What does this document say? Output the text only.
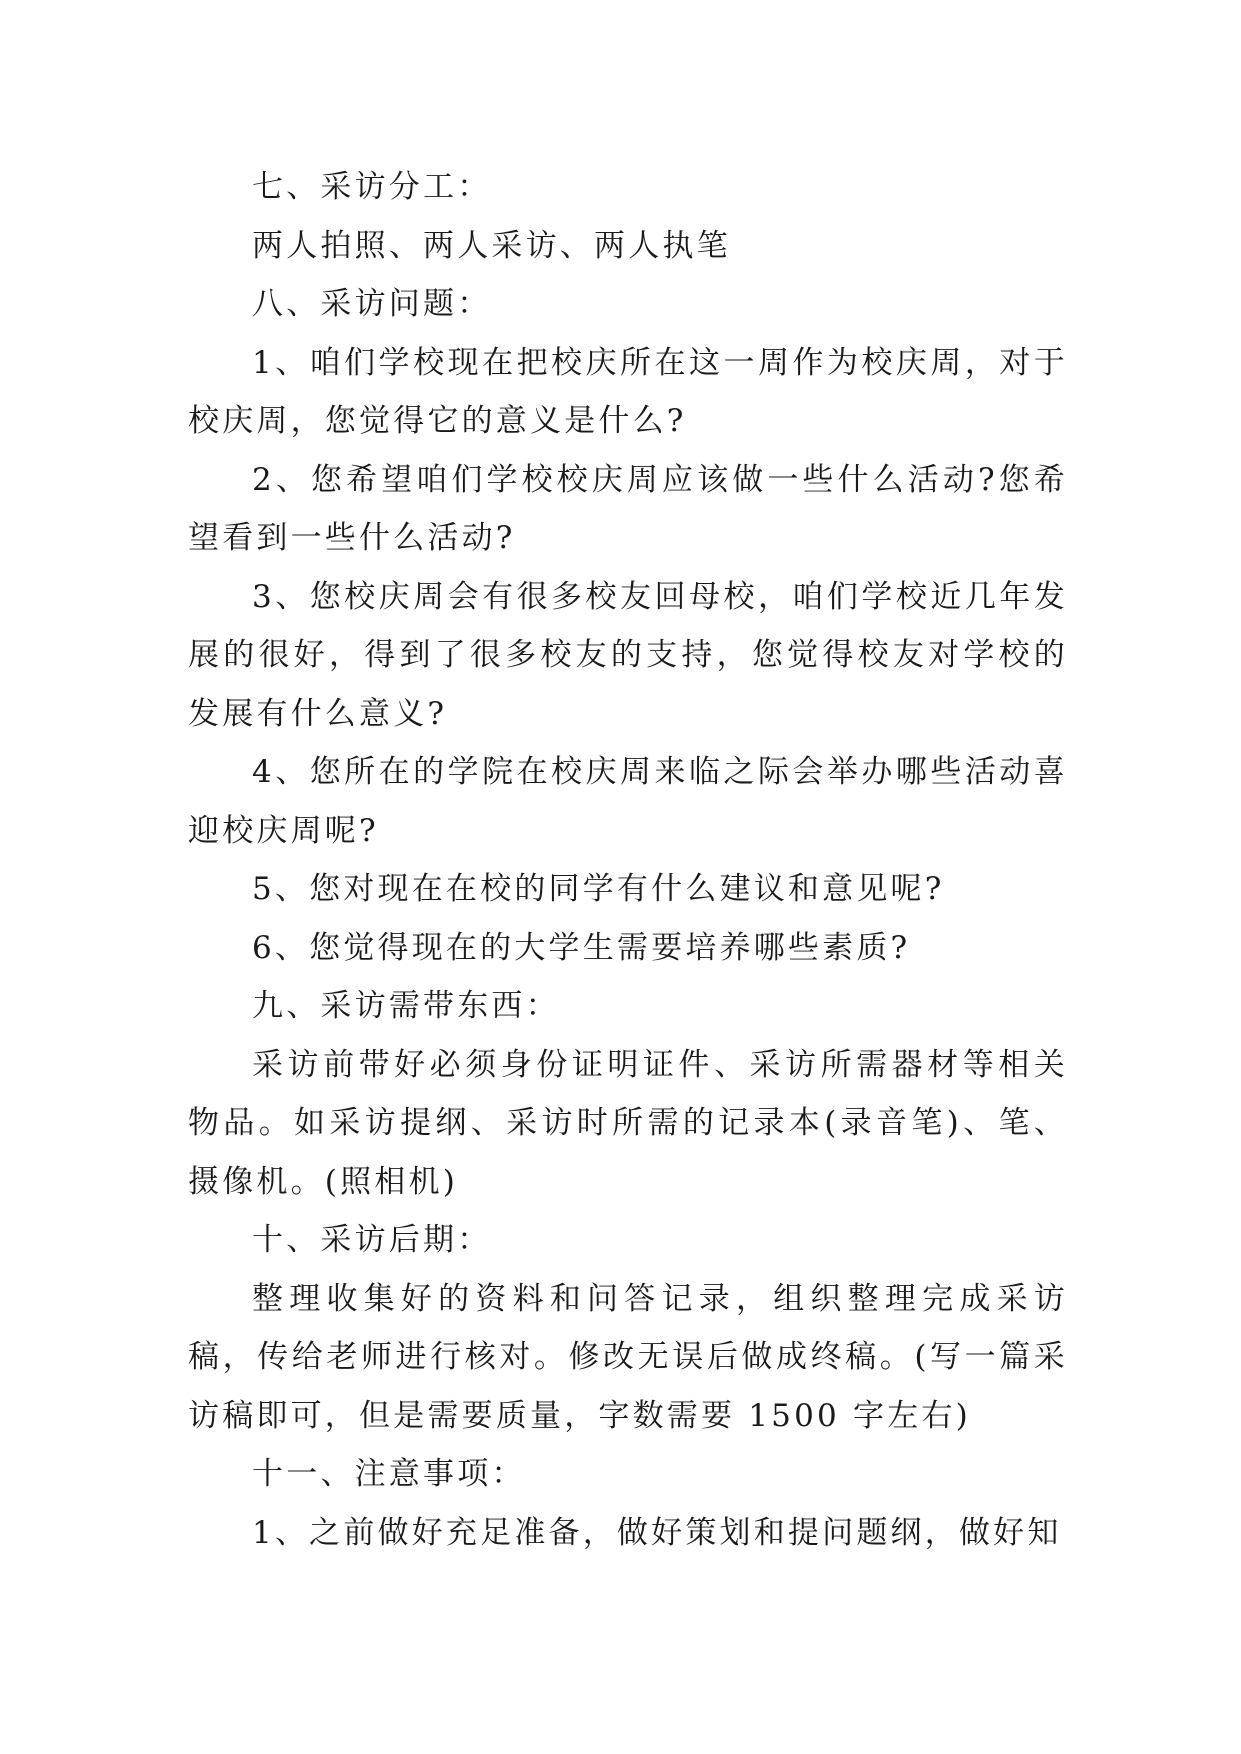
七、采访分工：

两人拍照、两人采访、两人执笔

八、采访问题：

1、咱们学校现在把校庆所在这一周作为校庆周，对于校庆周，您觉得它的意义是什么?

2、您希望咱们学校校庆周应该做一些什么活动?您希望看到一些什么活动?

3、您校庆周会有很多校友回母校，咱们学校近几年发展的很好，得到了很多校友的支持，您觉得校友对学校的发展有什么意义?

4、您所在的学院在校庆周来临之际会举办哪些活动喜迎校庆周呢?

5、您对现在在校的同学有什么建议和意见呢?

6、您觉得现在的大学生需要培养哪些素质?

九、采访需带东西：

采访前带好必须身份证明证件、采访所需器材等相关物品。如采访提纲、采访时所需的记录本(录音笔)、笔、摄像机。(照相机)

十、采访后期：

整理收集好的资料和问答记录，组织整理完成采访稿，传给老师进行核对。修改无误后做成终稿。(写一篇采访稿即可，但是需要质量，字数需要 1500 字左右)

十一、注意事项：

1、之前做好充足准备，做好策划和提问题纲，做好知
